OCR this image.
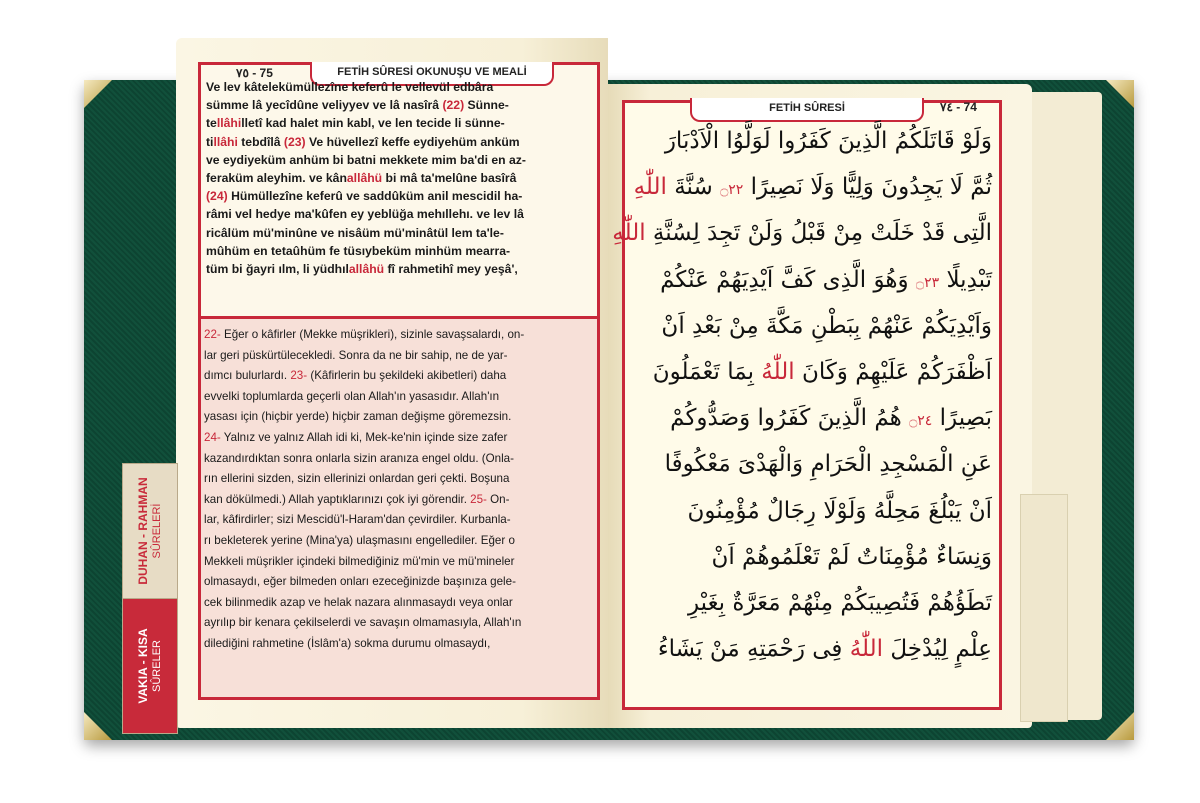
FETİH SÛRESİ OKUNUŞU VE MEALİ
FETİH SÛRESİ
٧٥ - 75
٧٤ - 74
Ve lev kâtelekümüllezîne keferû le vellevül edbâra
sümme lâ yecîdûne veliyyev ve lâ nasîrâ (22) Sünne-
tellâhilletî kad halet min kabl, ve len tecide li sünne-
tillâhi tebdîlâ (23) Ve hüvellezî keffe eydiyehüm anküm
ve eydiyeküm anhüm bi batni mekkete mim ba'di en az-
feraküm aleyhim. ve kânallâhü bi mâ ta'melûne basîrâ
(24) Hümüllezîne keferû ve saddûküm anil mescidil ha-
râmi vel hedye ma'kûfen ey yeblüğa mehıllehı. ve lev lâ
ricâlüm mü'minûne ve nisâüm mü'minâtül lem ta'le-
mûhüm en tetaûhüm fe tüsıybeküm minhüm mearra-
tüm bi ğayri ılm, li yüdhılallâhü fî rahmetihî mey yeşâ',
22- Eğer o kâfirler (Mekke müşrikleri), sizinle savaşsalardı, on-
lar geri püskürtülecekledi. Sonra da ne bir sahip, ne de yar-
dımcı bulurlardı. 23- (Kâfirlerin bu şekildeki akibetleri) daha
evvelki toplumlarda geçerli olan Allah'ın yasasıdır. Allah'ın
yasası için (hiçbir yerde) hiçbir zaman değişme göremezsin.
24- Yalnız ve yalnız Allah idi ki, Mek-ke'nin içinde size zafer
kazandırdıktan sonra onlarla sizin aranıza engel oldu. (Onla-
rın ellerini sizden, sizin ellerinizi onlardan geri çekti. Boşuna
kan dökülmedi.) Allah yaptıklarınızı çok iyi görendir. 25- On-
lar, kâfirdirler; sizi Mescidü'l-Haram'dan çevirdiler. Kurbanla-
rı bekleterek yerine (Mina'ya) ulaşmasını engellediler. Eğer o
Mekkeli müşrikler içindeki bilmediğiniz mü'min ve mü'mineler
olmasaydı, eğer bilmeden onları ezeceğinizde başınıza gele-
cek bilinmedik azap ve helak nazara alınmasaydı veya onlar
ayrılıp bir kenara çekilselerdi ve savaşın olmamasıyla, Allah'ın
dilediğini rahmetine (İslâm'a) sokma durumu olmasaydı,
وَلَوْ قَاتَلَكُمُ الَّذِينَ كَفَرُوا لَوَلَّوُا الْاَدْبَارَ
ثُمَّ لَا يَجِدُونَ وَلِيًّا وَلَا نَصِيرًا ۝٢٢ سُنَّةَ اللّٰهِ
الَّتِى قَدْ خَلَتْ مِنْ قَبْلُ وَلَنْ تَجِدَ لِسُنَّةِ اللّٰهِ
تَبْدِيلًا ۝٢٣ وَهُوَ الَّذِى كَفَّ اَيْدِيَهُمْ عَنْكُمْ
وَاَيْدِيَكُمْ عَنْهُمْ بِبَطْنِ مَكَّةَ مِنْ بَعْدِ اَنْ
اَظْفَرَكُمْ عَلَيْهِمْ وَكَانَ اللّٰهُ بِمَا تَعْمَلُونَ
بَصِيرًا ۝٢٤ هُمُ الَّذِينَ كَفَرُوا وَصَدُّوكُمْ
عَنِ الْمَسْجِدِ الْحَرَامِ وَالْهَدْىَ مَعْكُوفًا
اَنْ يَبْلُغَ مَحِلَّهُ وَلَوْلَا رِجَالٌ مُؤْمِنُونَ
وَنِسَاءٌ مُؤْمِنَاتٌ لَمْ تَعْلَمُوهُمْ اَنْ
تَطَؤُهُمْ فَتُصِيبَكُمْ مِنْهُمْ مَعَرَّةٌ بِغَيْرِ
عِلْمٍ لِيُدْخِلَ اللّٰهُ فِى رَحْمَتِهِ مَنْ يَشَاءُ
DUHAN - RAHMAN SÛRELERİ
VAKIA - KISA SÛRELER
